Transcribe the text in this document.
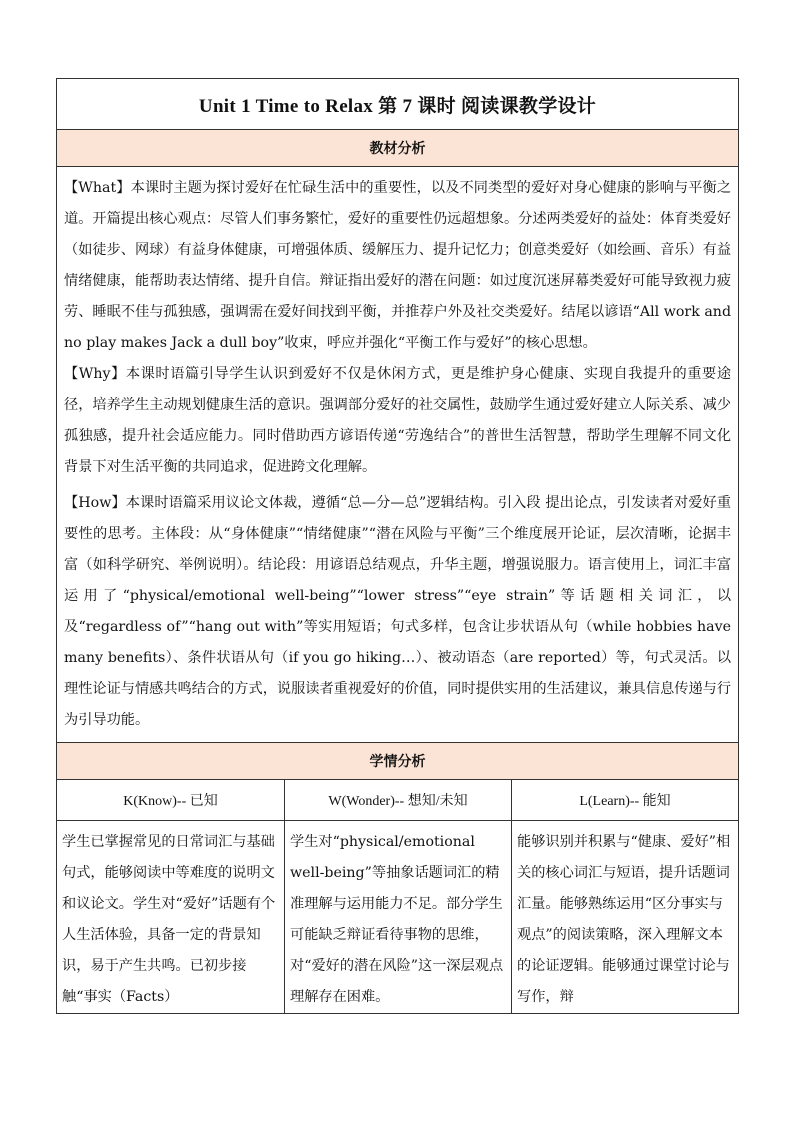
Unit 1 Time to Relax 第 7 课时 阅读课教学设计		
教材分析		

【What】本课时主题为探讨爱好在忙碌生活中的重要性，以及不同类型的爱好对身心健康的影响与平衡之道。开篇提出核心观点：尽管人们事务繁忙，爱好的重要性仍远超想象。分述两类爱好的益处：体育类爱好（如徒步、网球）有益身体健康，可增强体质、缓解压力、提升记忆力；创意类爱好（如绘画、音乐）有益情绪健康，能帮助表达情绪、提升自信。辩证指出爱好的潜在问题：如过度沉迷屏幕类爱好可能导致视力疲劳、睡眠不佳与孤独感，强调需在爱好间找到平衡，并推荐户外及社交类爱好。结尾以谚语“All work and no play makes Jack a dull boy”收束，呼应并强化“平衡工作与爱好”的核心思想。

【Why】本课时语篇引导学生认识到爱好不仅是休闲方式，更是维护身心健康、实现自我提升的重要途径，培养学生主动规划健康生活的意识。强调部分爱好的社交属性，鼓励学生通过爱好建立人际关系、减少孤独感，提升社会适应能力。同时借助西方谚语传递“劳逸结合”的普世生活智慧，帮助学生理解不同文化背景下对生活平衡的共同追求，促进跨文化理解。

【How】本课时语篇采用议论文体裁，遵循“总—分—总”逻辑结构。引入段 提出论点，引发读者对爱好重要性的思考。主体段：从“身体健康”“情绪健康”“潜在风险与平衡”三个维度展开论证，层次清晰，论据丰富（如科学研究、举例说明）。结论段：用谚语总结观点，升华主题，增强说服力。语言使用上，词汇丰富运用了“physical/emotional well-being”“lower stress”“eye strain”等话题相关词汇，以及“regardless of”“hang out with”等实用短语；句式多样，包含让步状语从句（while hobbies have many benefits）、条件状语从句（if you go hiking…）、被动语态（are reported）等，句式灵活。以理性论证与情感共鸣结合的方式，说服读者重视爱好的价值，同时提供实用的生活建议，兼具信息传递与行为引导功能。		

学情分析		
K(Know)-- 已知	W(Wonder)-- 想知/未知	L(Learn)-- 能知

学生已掌握常见的日常词汇与基础句式，能够阅读中等难度的说明文和议论文。学生对“爱好”话题有个人生活体验，具备一定的背景知识，易于产生共鸣。已初步接触“事实（Facts）	学生对“physical/emotional well-being”等抽象话题词汇的精准理解与运用能力不足。部分学生可能缺乏辩证看待事物的思维，对“爱好的潜在风险”这一深层观点理解存在困难。	能够识别并积累与“健康、爱好”相关的核心词汇与短语，提升话题词汇量。能够熟练运用“区分事实与观点”的阅读策略，深入理解文本的论证逻辑。能够通过课堂讨论与写作，辩
